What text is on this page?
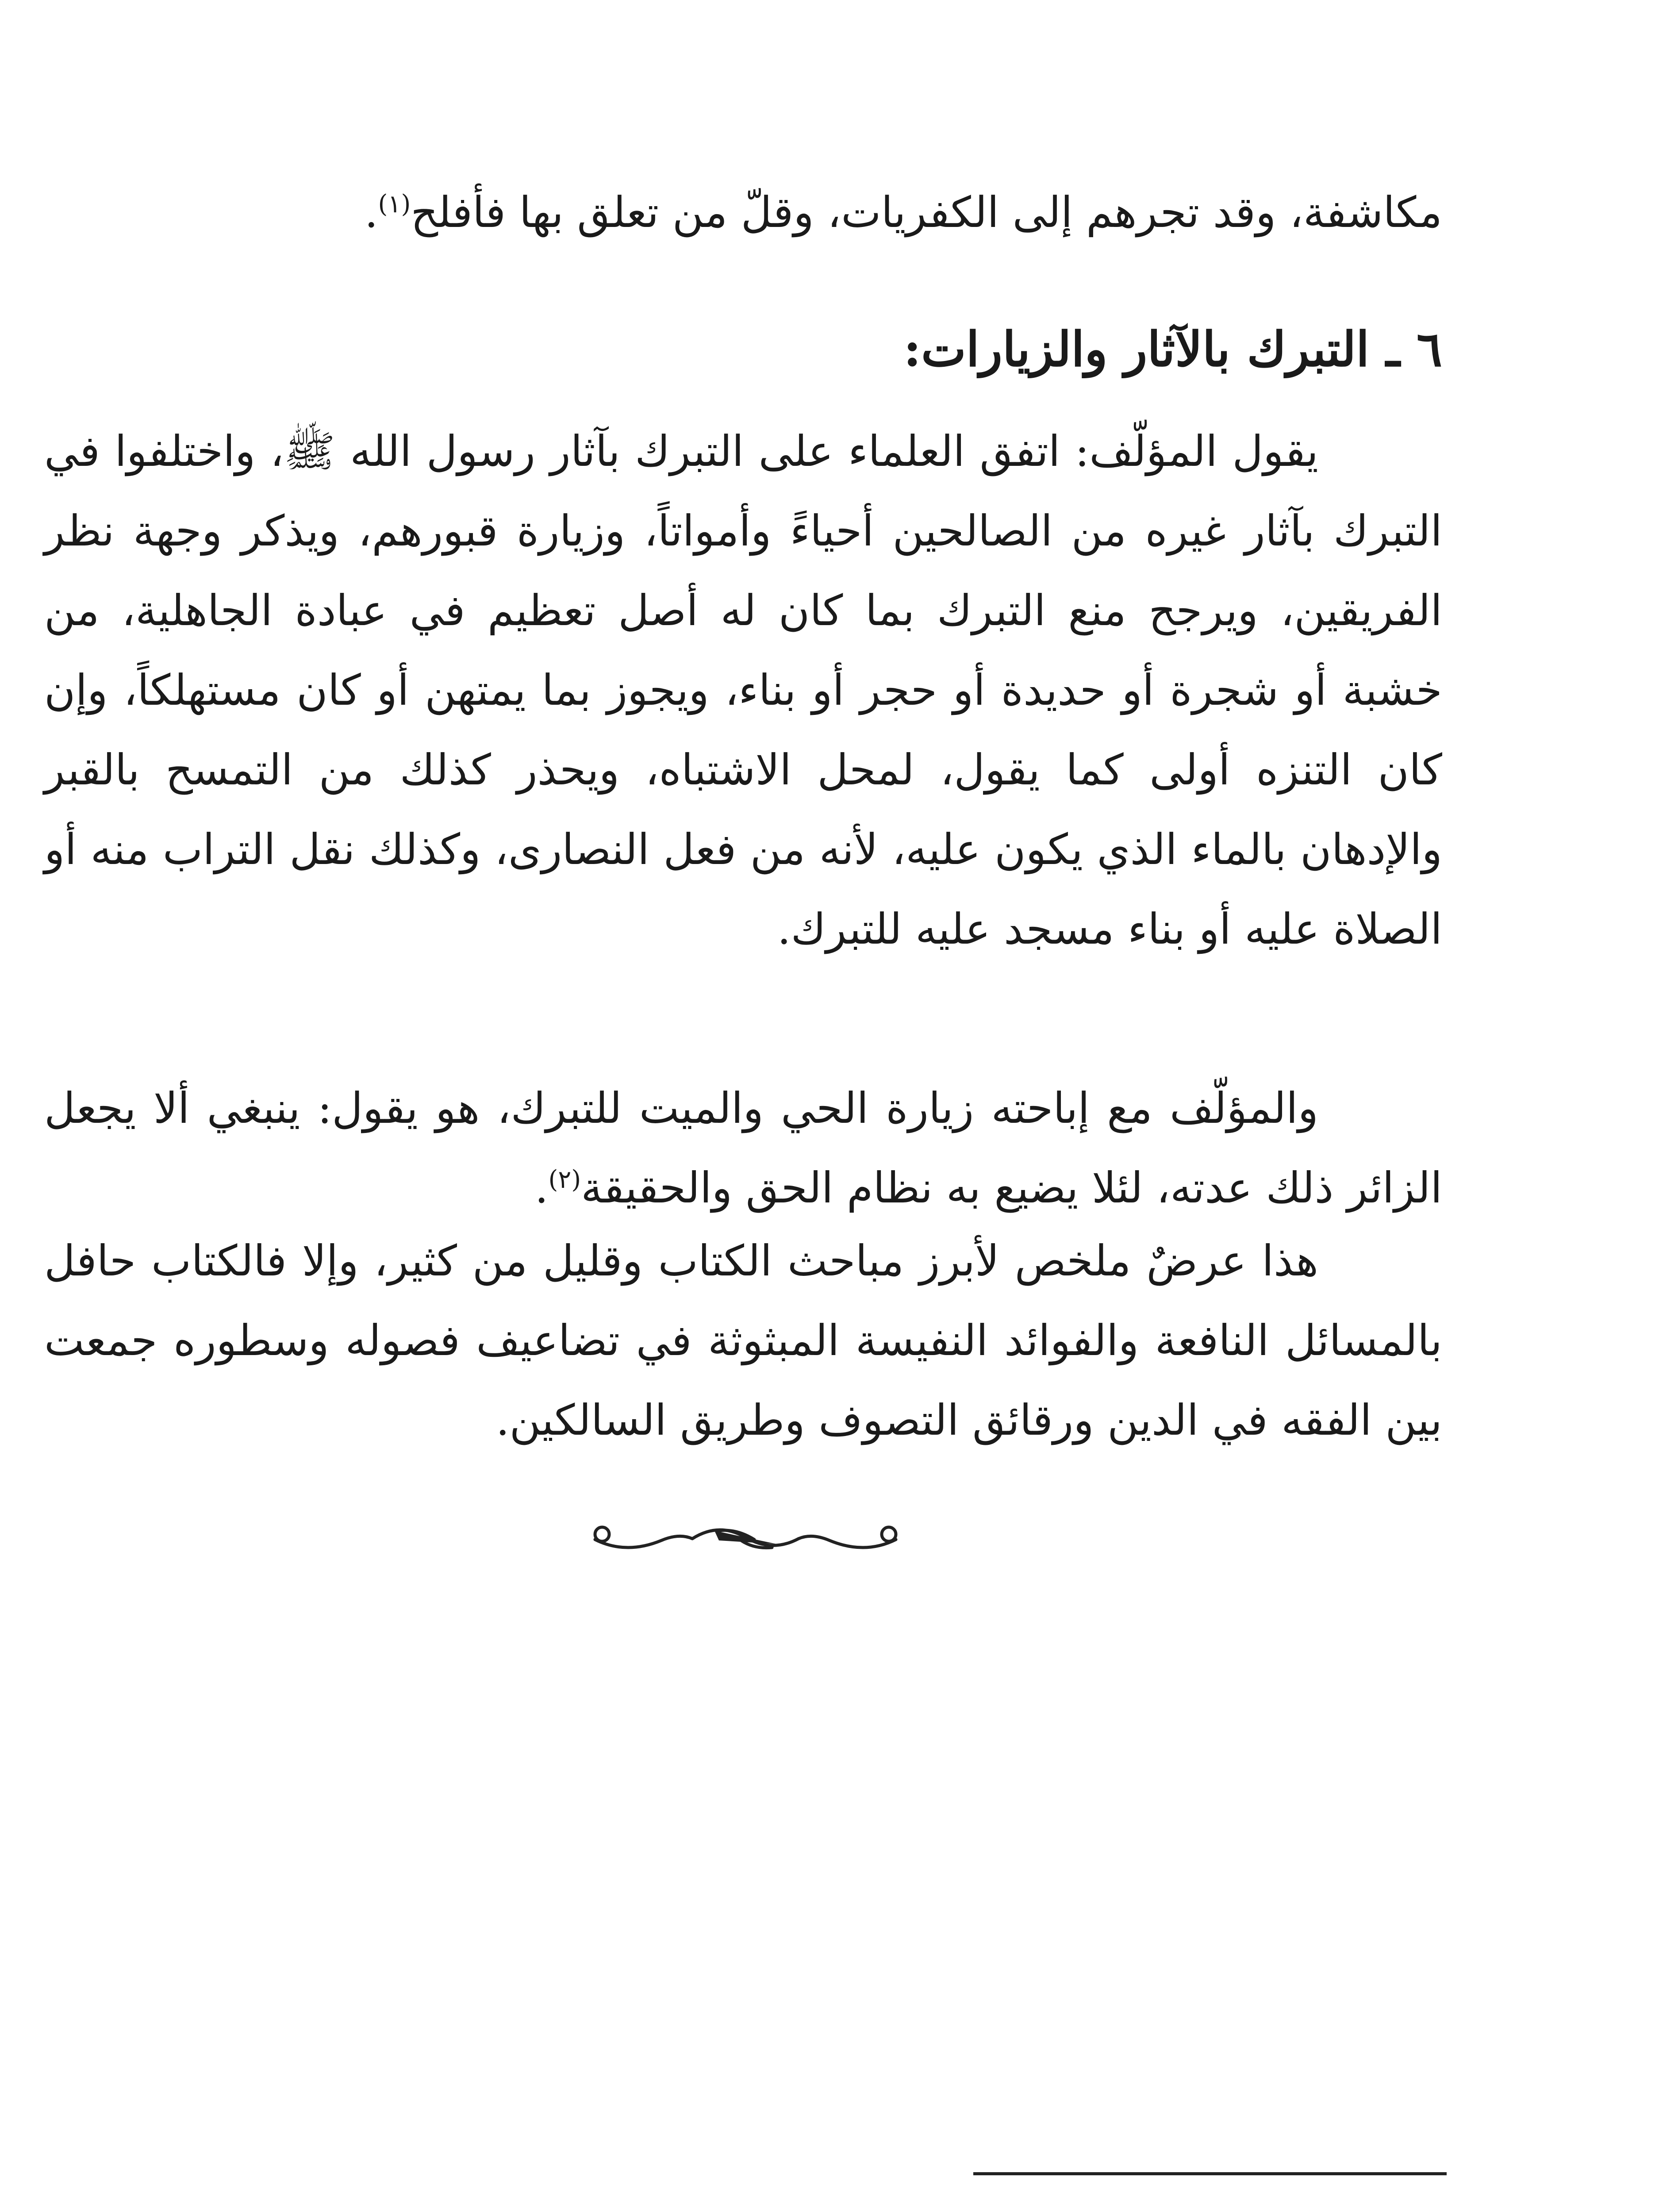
مكاشفة، وقد تجرهم إلى الكفريات، وقلّ من تعلق بها فأفلح$^{(١)}$.

٦ ـ التبرك بالآثار والزيارات:

يقول المؤلّف: اتفق العلماء على التبرك بآثار رسول الله ﷺ، واختلفوا في التبرك بآثار غيره من الصالحين أحياءً وأمواتاً، وزيارة قبورهم، ويذكر وجهة نظر الفريقين، ويرجح منع التبرك بما كان له أصل تعظيم في عبادة الجاهلية، من خشبة أو شجرة أو حديدة أو حجر أو بناء، ويجوز بما يمتهن أو كان مستهلكاً، وإن كان التنزه أولى كما يقول، لمحل الاشتباه، ويحذر كذلك من التمسح بالقبر والإدهان بالماء الذي يكون عليه، لأنه من فعل النصارى، وكذلك نقل التراب منه أو الصلاة عليه أو بناء مسجد عليه للتبرك.

والمؤلّف مع إباحته زيارة الحي والميت للتبرك، هو يقول: ينبغي ألا يجعل الزائر ذلك عدته، لئلا يضيع به نظام الحق والحقيقة$^{(٢)}$.

هذا عرضٌ ملخص لأبرز مباحث الكتاب وقليل من كثير، وإلا فالكتاب حافل بالمسائل النافعة والفوائد النفيسة المبثوثة في تضاعيف فصوله وسطوره جمعت بين الفقه في الدين ورقائق التصوف وطريق السالكين.
